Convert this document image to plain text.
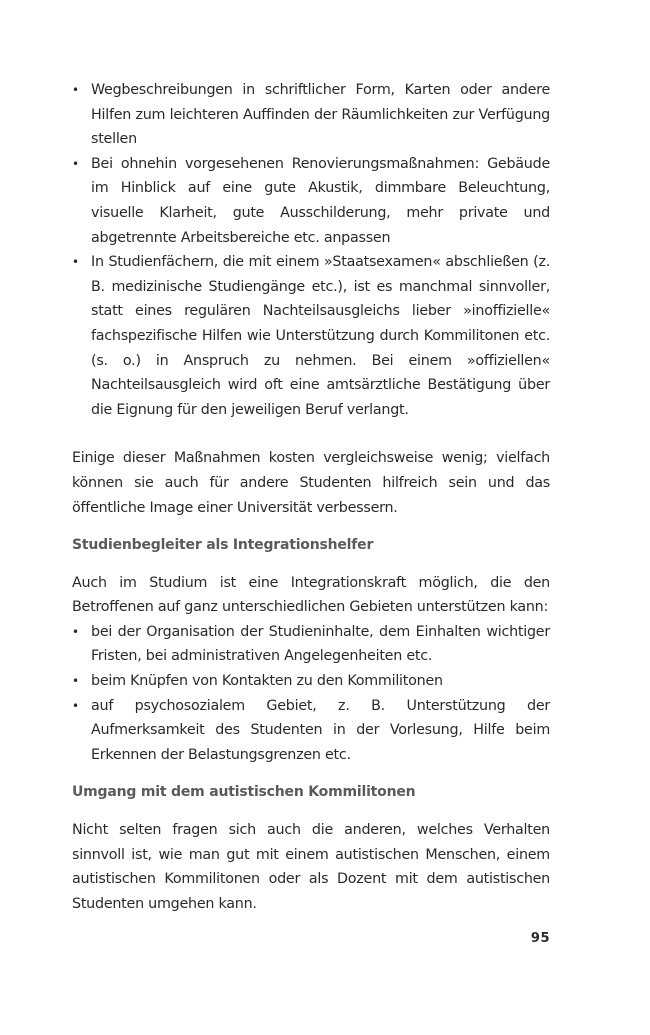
• Wegbeschreibungen in schriftlicher Form, Karten oder andere Hilfen zum leichteren Auffinden der Räumlichkeiten zur Verfügung stellen
• Bei ohnehin vorgesehenen Renovierungsmaßnahmen: Gebäude im Hinblick auf eine gute Akustik, dimmbare Beleuchtung, visuelle Klarheit, gute Ausschilderung, mehr private und abgetrennte Arbeitsbereiche etc. anpassen
• In Studienfächern, die mit einem »Staatsexamen« abschließen (z. B. medizinische Studiengänge etc.), ist es manchmal sinnvoller, statt eines regulären Nachteilsausgleichs lieber »inoffizielle« fachspezifische Hilfen wie Unterstützung durch Kommilitonen etc. (s. o.) in Anspruch zu nehmen. Bei einem »offiziellen« Nachteilsausgleich wird oft eine amtsärztliche Bestätigung über die Eignung für den jeweiligen Beruf verlangt.

Einige dieser Maßnahmen kosten vergleichsweise wenig; vielfach können sie auch für andere Studenten hilfreich sein und das öffentliche Image einer Universität verbessern.

Studienbegleiter als Integrationshelfer

Auch im Studium ist eine Integrationskraft möglich, die den Betroffenen auf ganz unterschiedlichen Gebieten unterstützen kann:

• bei der Organisation der Studieninhalte, dem Einhalten wichtiger Fristen, bei administrativen Angelegenheiten etc.
• beim Knüpfen von Kontakten zu den Kommilitonen
• auf psychosozialem Gebiet, z. B. Unterstützung der Aufmerksamkeit des Studenten in der Vorlesung, Hilfe beim Erkennen der Belastungsgrenzen etc.
Umgang mit dem autistischen Kommilitonen

Nicht selten fragen sich auch die anderen, welches Verhalten sinnvoll ist, wie man gut mit einem autistischen Menschen, einem autistischen Kommilitonen oder als Dozent mit dem autistischen Studenten umgehen kann.

95
